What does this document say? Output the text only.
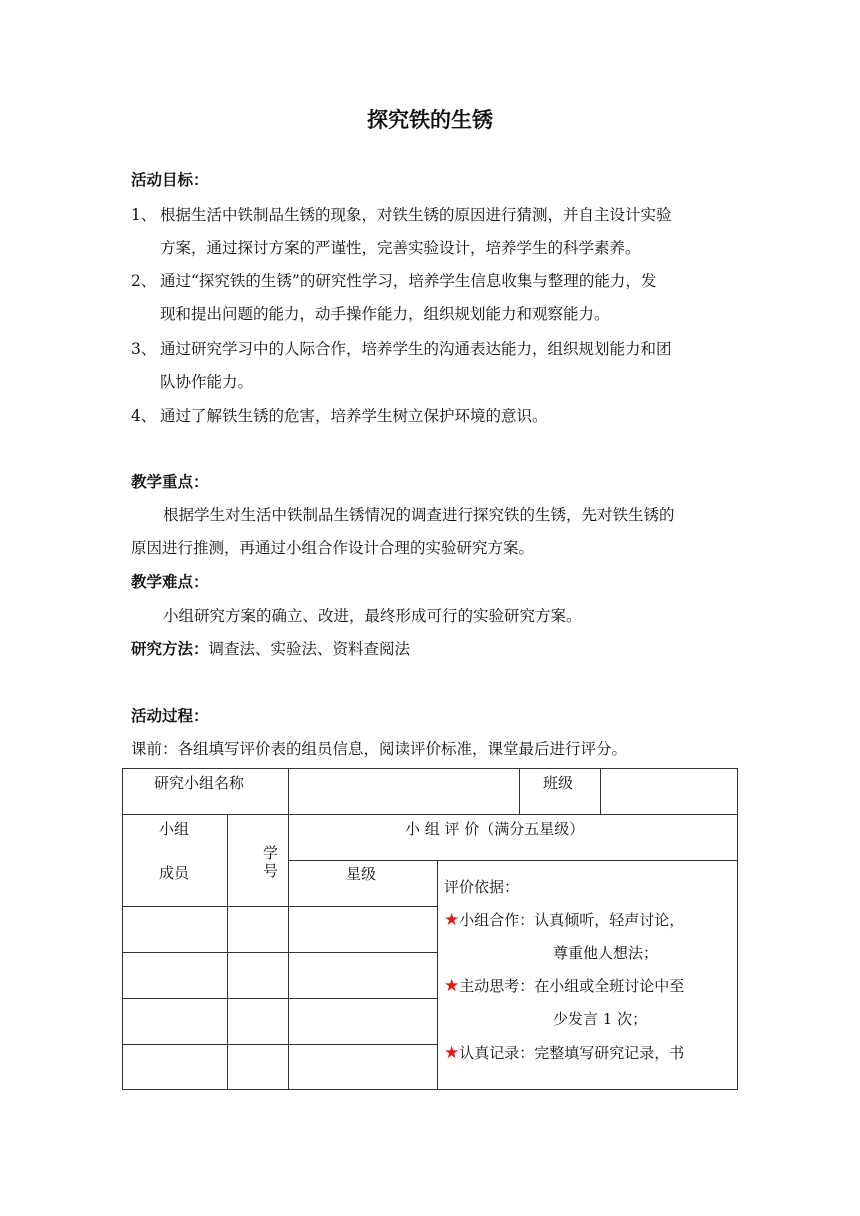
探究铁的生锈
活动目标：
1、 根据生活中铁制品生锈的现象，对铁生锈的原因进行猜测，并自主设计实验
方案，通过探讨方案的严谨性，完善实验设计，培养学生的科学素养。
2、 通过“探究铁的生锈”的研究性学习，培养学生信息收集与整理的能力，发
现和提出问题的能力，动手操作能力，组织规划能力和观察能力。
3、 通过研究学习中的人际合作，培养学生的沟通表达能力，组织规划能力和团
队协作能力。
4、 通过了解铁生锈的危害，培养学生树立保护环境的意识。
教学重点：
根据学生对生活中铁制品生锈情况的调查进行探究铁的生锈，先对铁生锈的
原因进行推测，再通过小组合作设计合理的实验研究方案。
教学难点：
小组研究方案的确立、改进，最终形成可行的实验研究方案。
研究方法：调查法、实验法、资料查阅法
活动过程：
课前：各组填写评价表的组员信息，阅读评价标准，课堂最后进行评分。
研究小组名称	班级
小组
成员
学
号
小 组 评 价（满分五星级）
星级
评价依据：
★小组合作：认真倾听，轻声讨论，
尊重他人想法；
★主动思考：在小组或全班讨论中至
少发言 1 次；
★认真记录：完整填写研究记录，书
